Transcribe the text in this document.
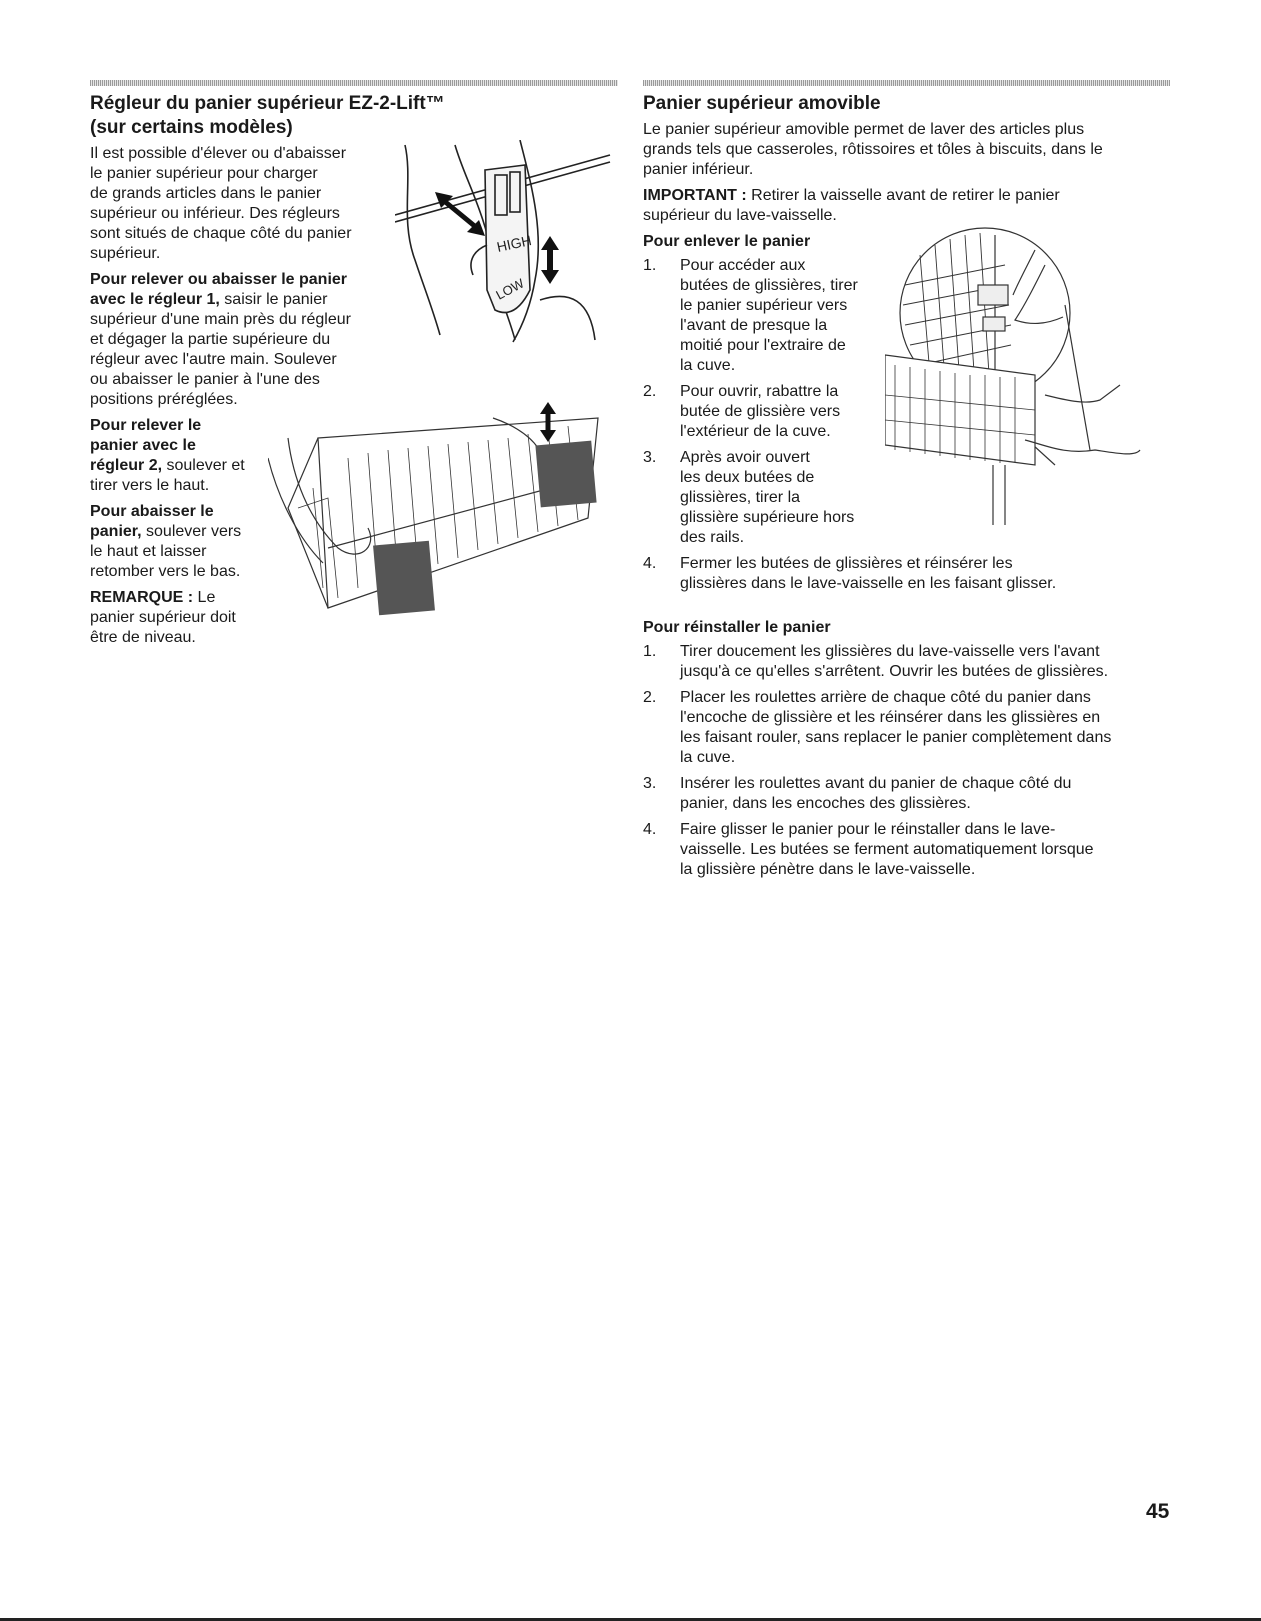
Régleur du panier supérieur EZ-2-Lift™
(sur certains modèles)

Il est possible d'élever ou d'abaisser
le panier supérieur pour charger
de grands articles dans le panier
supérieur ou inférieur. Des régleurs
sont situés de chaque côté du panier
supérieur.

Pour relever ou abaisser le panier
avec le régleur 1, saisir le panier
supérieur d'une main près du régleur
et dégager la partie supérieure du
régleur avec l'autre main. Soulever
ou abaisser le panier à l'une des
positions préréglées.

Pour relever le
panier avec le
régleur 2, soulever et
tirer vers le haut.

Pour abaisser le
panier, soulever vers
le haut et laisser
retomber vers le bas.

REMARQUE : Le
panier supérieur doit
être de niveau.

HIGH
LOW
Panier supérieur amovible

Le panier supérieur amovible permet de laver des articles plus
grands tels que casseroles, rôtissoires et tôles à biscuits, dans le
panier inférieur.

IMPORTANT : Retirer la vaisselle avant de retirer le panier
supérieur du lave-vaisselle.

Pour enlever le panier
1. Pour accéder aux
butées de glissières, tirer
le panier supérieur vers
l'avant de presque la
moitié pour l'extraire de
la cuve.
2. Pour ouvrir, rabattre la
butée de glissière vers
l'extérieur de la cuve.
3. Après avoir ouvert
les deux butées de
glissières, tirer la
glissière supérieure hors
des rails.
4. Fermer les butées de glissières et réinsérer les
glissières dans le lave-vaisselle en les faisant glisser.
Pour réinstaller le panier
1. Tirer doucement les glissières du lave-vaisselle vers l'avant
jusqu'à ce qu'elles s'arrêtent. Ouvrir les butées de glissières.
2. Placer les roulettes arrière de chaque côté du panier dans
l'encoche de glissière et les réinsérer dans les glissières en
les faisant rouler, sans replacer le panier complètement dans
la cuve.
3. Insérer les roulettes avant du panier de chaque côté du
panier, dans les encoches des glissières.
4. Faire glisser le panier pour le réinstaller dans le lave-
vaisselle. Les butées se ferment automatiquement lorsque
la glissière pénètre dans le lave-vaisselle.
45
